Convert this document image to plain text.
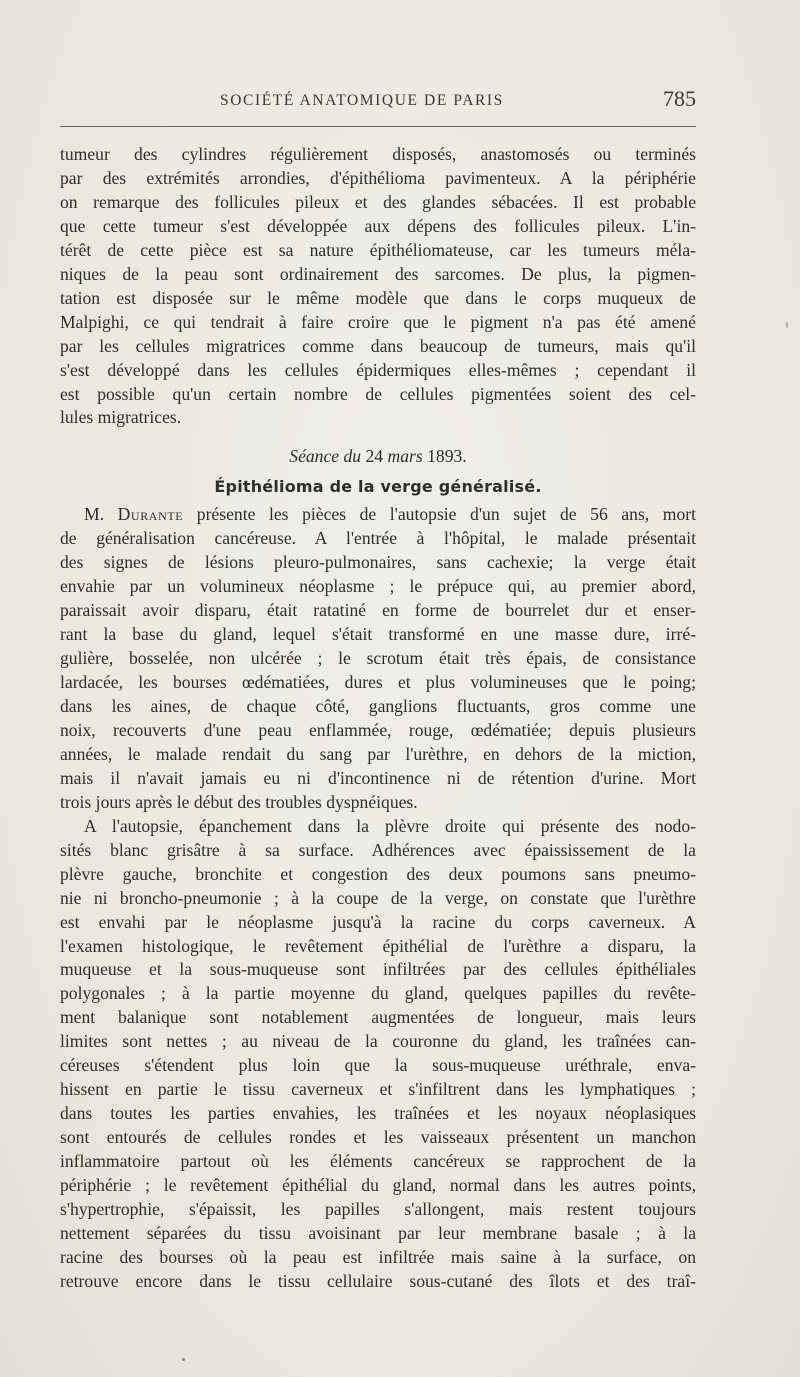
SOCIÉTÉ ANATOMIQUE DE PARIS	785

tumeur des cylindres régulièrement disposés, anastomosés ou terminés

par des extrémités arrondies, d'épithélioma pavimenteux. A la périphérie

on remarque des follicules pileux et des glandes sébacées. Il est probable

que cette tumeur s'est développée aux dépens des follicules pileux. L'in-

térêt de cette pièce est sa nature épithéliomateuse, car les tumeurs méla-

niques de la peau sont ordinairement des sarcomes. De plus, la pigmen-

tation est disposée sur le même modèle que dans le corps muqueux de

Malpighi, ce qui tendrait à faire croire que le pigment n'a pas été amené

par les cellules migratrices comme dans beaucoup de tumeurs, mais qu'il

s'est développé dans les cellules épidermiques elles-mêmes ; cependant il

est possible qu'un certain nombre de cellules pigmentées soient des cel-

lules migratrices.

Séance du 24 mars 1893.

Épithélioma de la verge généralisé.

M. Durante présente les pièces de l'autopsie d'un sujet de 56 ans, mort

de généralisation cancéreuse. A l'entrée à l'hôpital, le malade présentait

des signes de lésions pleuro-pulmonaires, sans cachexie; la verge était

envahie par un volumineux néoplasme ; le prépuce qui, au premier abord,

paraissait avoir disparu, était ratatiné en forme de bourrelet dur et enser-

rant la base du gland, lequel s'était transformé en une masse dure, irré-

gulière, bosselée, non ulcérée ; le scrotum était très épais, de consistance

lardacée, les bourses œdématiées, dures et plus volumineuses que le poing;

dans les aines, de chaque côté, ganglions fluctuants, gros comme une

noix, recouverts d'une peau enflammée, rouge, œdématiée; depuis plusieurs

années, le malade rendait du sang par l'urèthre, en dehors de la miction,

mais il n'avait jamais eu ni d'incontinence ni de rétention d'urine. Mort

trois jours après le début des troubles dyspnéiques.

A l'autopsie, épanchement dans la plèvre droite qui présente des nodo-

sités blanc grisâtre à sa surface. Adhérences avec épaississement de la

plèvre gauche, bronchite et congestion des deux poumons sans pneumo-

nie ni broncho-pneumonie ; à la coupe de la verge, on constate que l'urèthre

est envahi par le néoplasme jusqu'à la racine du corps caverneux. A

l'examen histologique, le revêtement épithélial de l'urèthre a disparu, la

muqueuse et la sous-muqueuse sont infiltrées par des cellules épithéliales

polygonales ; à la partie moyenne du gland, quelques papilles du revête-

ment balanique sont notablement augmentées de longueur, mais leurs

limites sont nettes ; au niveau de la couronne du gland, les traînées can-

céreuses s'étendent plus loin que la sous-muqueuse uréthrale, enva-

hissent en partie le tissu caverneux et s'infiltrent dans les lymphatiques ;

dans toutes les parties envahies, les traînées et les noyaux néoplasiques

sont entourés de cellules rondes et les vaisseaux présentent un manchon

inflammatoire partout où les éléments cancéreux se rapprochent de la

périphérie ; le revêtement épithélial du gland, normal dans les autres points,

s'hypertrophie, s'épaissit, les papilles s'allongent, mais restent toujours

nettement séparées du tissu avoisinant par leur membrane basale ; à la

racine des bourses où la peau est infiltrée mais saine à la surface, on

retrouve encore dans le tissu cellulaire sous-cutané des îlots et des traî-
